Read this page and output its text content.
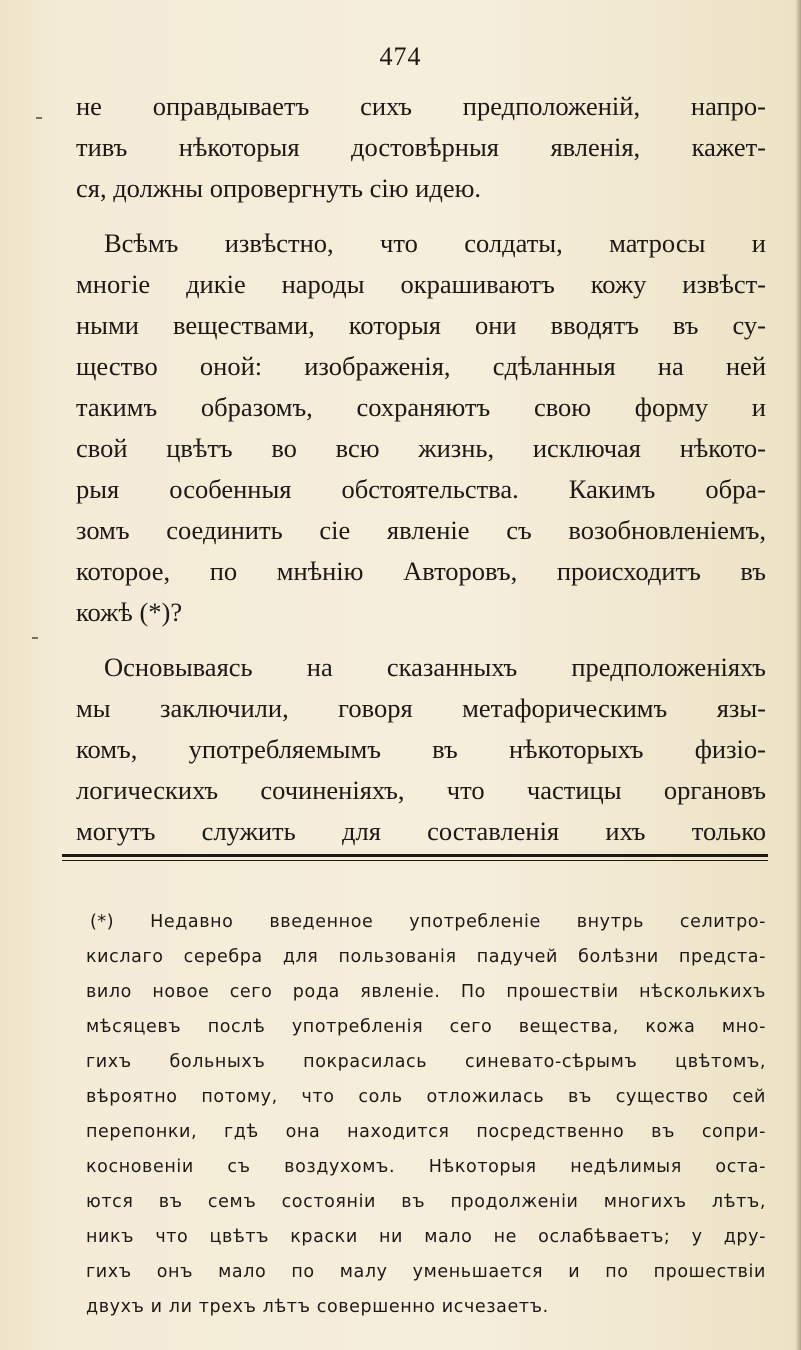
474
не оправдываетъ сихъ предположенiй, напро-
тивъ нѣкоторыя достовѣрныя явленiя, кажет-
ся, должны опровергнуть сiю идею.
Всѣмъ извѣстно, что солдаты, матросы и
многiе дикiе народы окрашиваютъ кожу извѣст-
ными веществами, которыя они вводятъ въ су-
щество оной: изображенiя, сдѣланныя на ней
такимъ образомъ, сохраняютъ свою форму и
свой цвѣтъ во всю жизнь, исключая нѣкото-
рыя особенныя обстоятельства. Какимъ обра-
зомъ соединить сiе явленiе съ возобновленiемъ,
которое, по мнѣнiю Авторовъ, происходитъ въ
кожѣ (*)?
Основываясь на сказанныхъ предположенiяхъ
мы заключили, говоря метафорическимъ язы-
комъ, употребляемымъ въ нѣкоторыхъ физiо-
логическихъ сочиненiяхъ, что частицы органовъ
могутъ служить для составленiя ихъ только
(*) Недавно введенное употребленiе внутрь селитро-
кислаго серебра для пользованiя падучей болѣзни предста-
вило новое сего рода явленiе. По прошествiи нѣсколькихъ
мѣсяцевъ послѣ употребленiя сего вещества, кожа мно-
гихъ больныхъ покрасилась синевато-сѣрымъ цвѣтомъ,
вѣроятно потому, что соль отложилась въ существо сей
перепонки, гдѣ она находится посредственно въ сопри-
косновенiи съ воздухомъ. Нѣкоторыя недѣлимыя оста-
ются въ семъ состоянiи въ продолженiи многихъ лѣтъ,
никъ что цвѣтъ краски ни мало не ослабѣваетъ; у дру-
гихъ онъ мало по малу уменьшается и по прошествiи
двухъ и ли трехъ лѣтъ совершенно исчезаетъ.
